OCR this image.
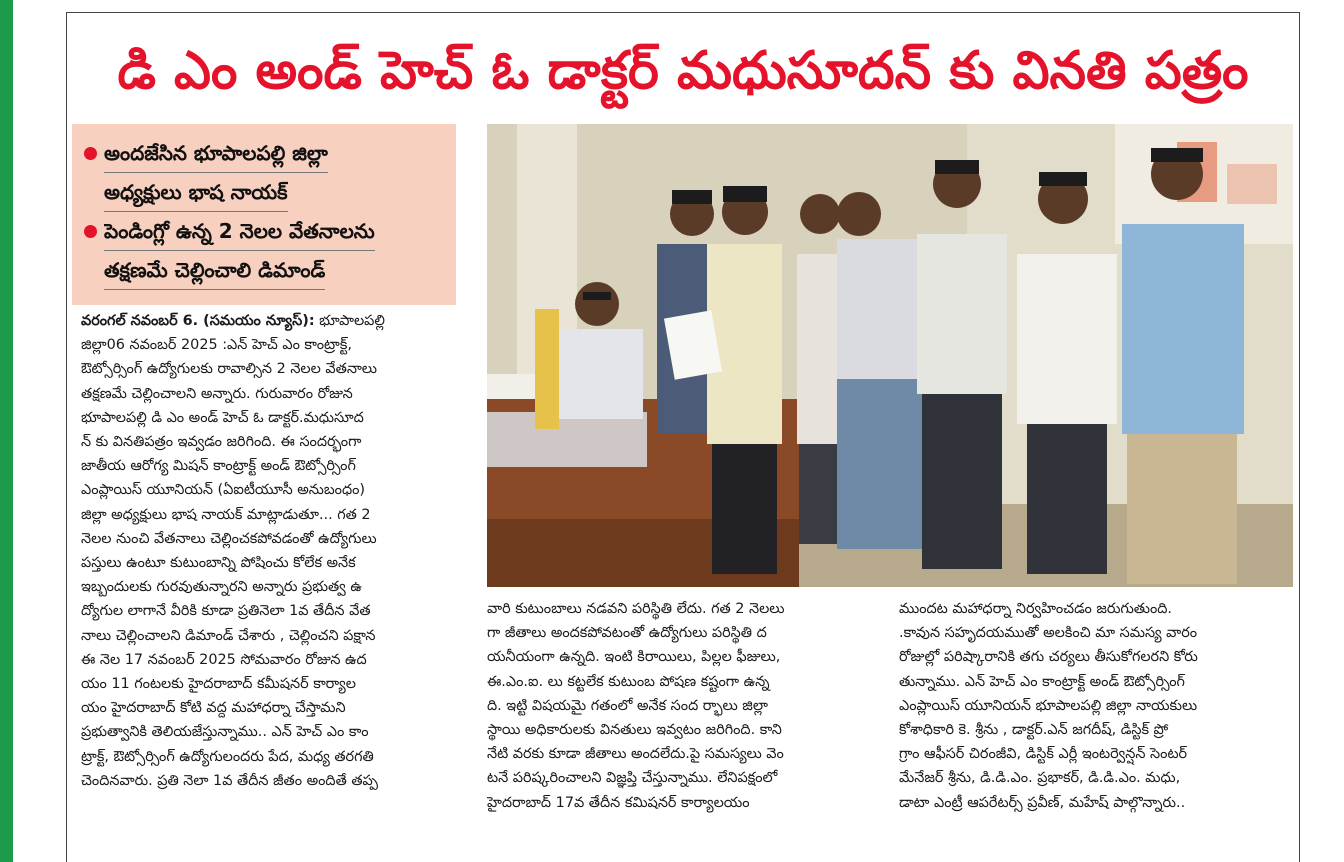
డి ఎం అండ్ హెచ్ ఓ డాక్టర్ మధుసూదన్ కు వినతి పత్రం
అందజేసిన భూపాలపల్లి జిల్లా
అధ్యక్షులు భాష నాయక్
పెండింగ్లో ఉన్న 2 నెలల వేతనాలను
తక్షణమే చెల్లించాలి డిమాండ్
వరంగల్ నవంబర్ 6. (సమయం న్యూస్): భూపాలపల్లి
జిల్లా06 నవంబర్ 2025 :ఎన్ హెచ్ ఎం కాంట్రాక్ట్,
ఔట్సోర్సింగ్ ఉద్యోగులకు రావాల్సిన 2 నెలల వేతనాలు
తక్షణమే చెల్లించాలని అన్నారు. గురువారం రోజున
భూపాలపల్లి డి ఎం అండ్ హెచ్ ఓ డాక్టర్.మధుసూద
న్ కు వినతిపత్రం ఇవ్వడం జరిగింది. ఈ సందర్భంగా
జాతీయ ఆరోగ్య మిషన్ కాంట్రాక్ట్ అండ్ ఔట్సోర్సింగ్
ఎంప్లాయిస్ యూనియన్ (ఏఐటీయూసీ అనుబంధం)
జిల్లా అధ్యక్షులు భాష నాయక్ మాట్లాడుతూ... గత 2
నెలల నుంచి వేతనాలు చెల్లించకపోవడంతో ఉద్యోగులు
పస్తులు ఉంటూ కుటుంబాన్ని పోషించు కోలేక అనేక
ఇబ్బందులకు గురవుతున్నారని అన్నారు ప్రభుత్వ ఉ
ద్యోగుల లాగానే వీరికి కూడా ప్రతినెలా 1వ తేదీన వేత
నాలు చెల్లించాలని డిమాండ్ చేశారు , చెల్లించని పక్షాన
ఈ నెల 17 నవంబర్ 2025 సోమవారం రోజున ఉద
యం 11 గంటలకు హైదరాబాద్ కమీషనర్ కార్యాల
యం హైదరాబాద్ కోటి వద్ద మహాధర్నా చేస్తామని
ప్రభుత్వానికి తెలియజేస్తున్నాము.. ఎన్ హెచ్ ఎం కాం
ట్రాక్ట్, ఔట్సోర్సింగ్ ఉద్యోగులందరు పేద, మధ్య తరగతి
చెందినవారు. ప్రతి నెలా 1వ తేదీన జీతం అందితే తప్ప
వారి కుటుంబాలు నడవని పరిస్థితి లేదు. గత 2 నెలలు
గా జీతాలు అందకపోవటంతో ఉద్యోగులు పరిస్థితి ద
యనీయంగా ఉన్నది. ఇంటి కిరాయిలు, పిల్లల ఫీజులు,
ఈ.ఎం.ఐ. లు కట్టలేక కుటుంబ పోషణ కష్టంగా ఉన్న
ది. ఇట్టి విషయమై గతంలో అనేక సంద ర్భాలు జిల్లా
స్థాయి అధికారులకు వినతులు ఇవ్వటం జరిగింది. కాని
నేటి వరకు కూడా జీతాలు అందలేదు.పై సమస్యలు వెం
టనే పరిష్కరించాలని విజ్ఞప్తి చేస్తున్నాము. లేనిపక్షంలో
హైదరాబాద్ 17వ తేదీన కమిషనర్ కార్యాలయం
ముందట మహాధర్నా నిర్వహించడం జరుగుతుంది.
.కావున సహృదయముతో అలకించి మా సమస్య వారం
రోజుల్లో పరిష్కారానికి తగు చర్యలు తీసుకోగలరని కోరు
తున్నాము. ఎన్ హెచ్ ఎం కాంట్రాక్ట్ అండ్ ఔట్సోర్సింగ్
ఎంప్లాయిస్ యూనియన్ భూపాలపల్లి జిల్లా నాయకులు
కోశాధికారి కె. శ్రీను , డాక్టర్.ఎన్ జగదీష్, డిస్టిక్ ప్రో
గ్రాం ఆఫీసర్ చిరంజీవి, డిస్టిక్ ఎర్లీ ఇంటర్వెన్షన్ సెంటర్
మేనేజర్ శ్రీను, డి.డి.ఎం. ప్రభాకర్, డి.డి.ఎం. మధు,
డాటా ఎంట్రీ ఆపరేటర్స్ ప్రవీణ్, మహేష్ పాల్గొన్నారు..
